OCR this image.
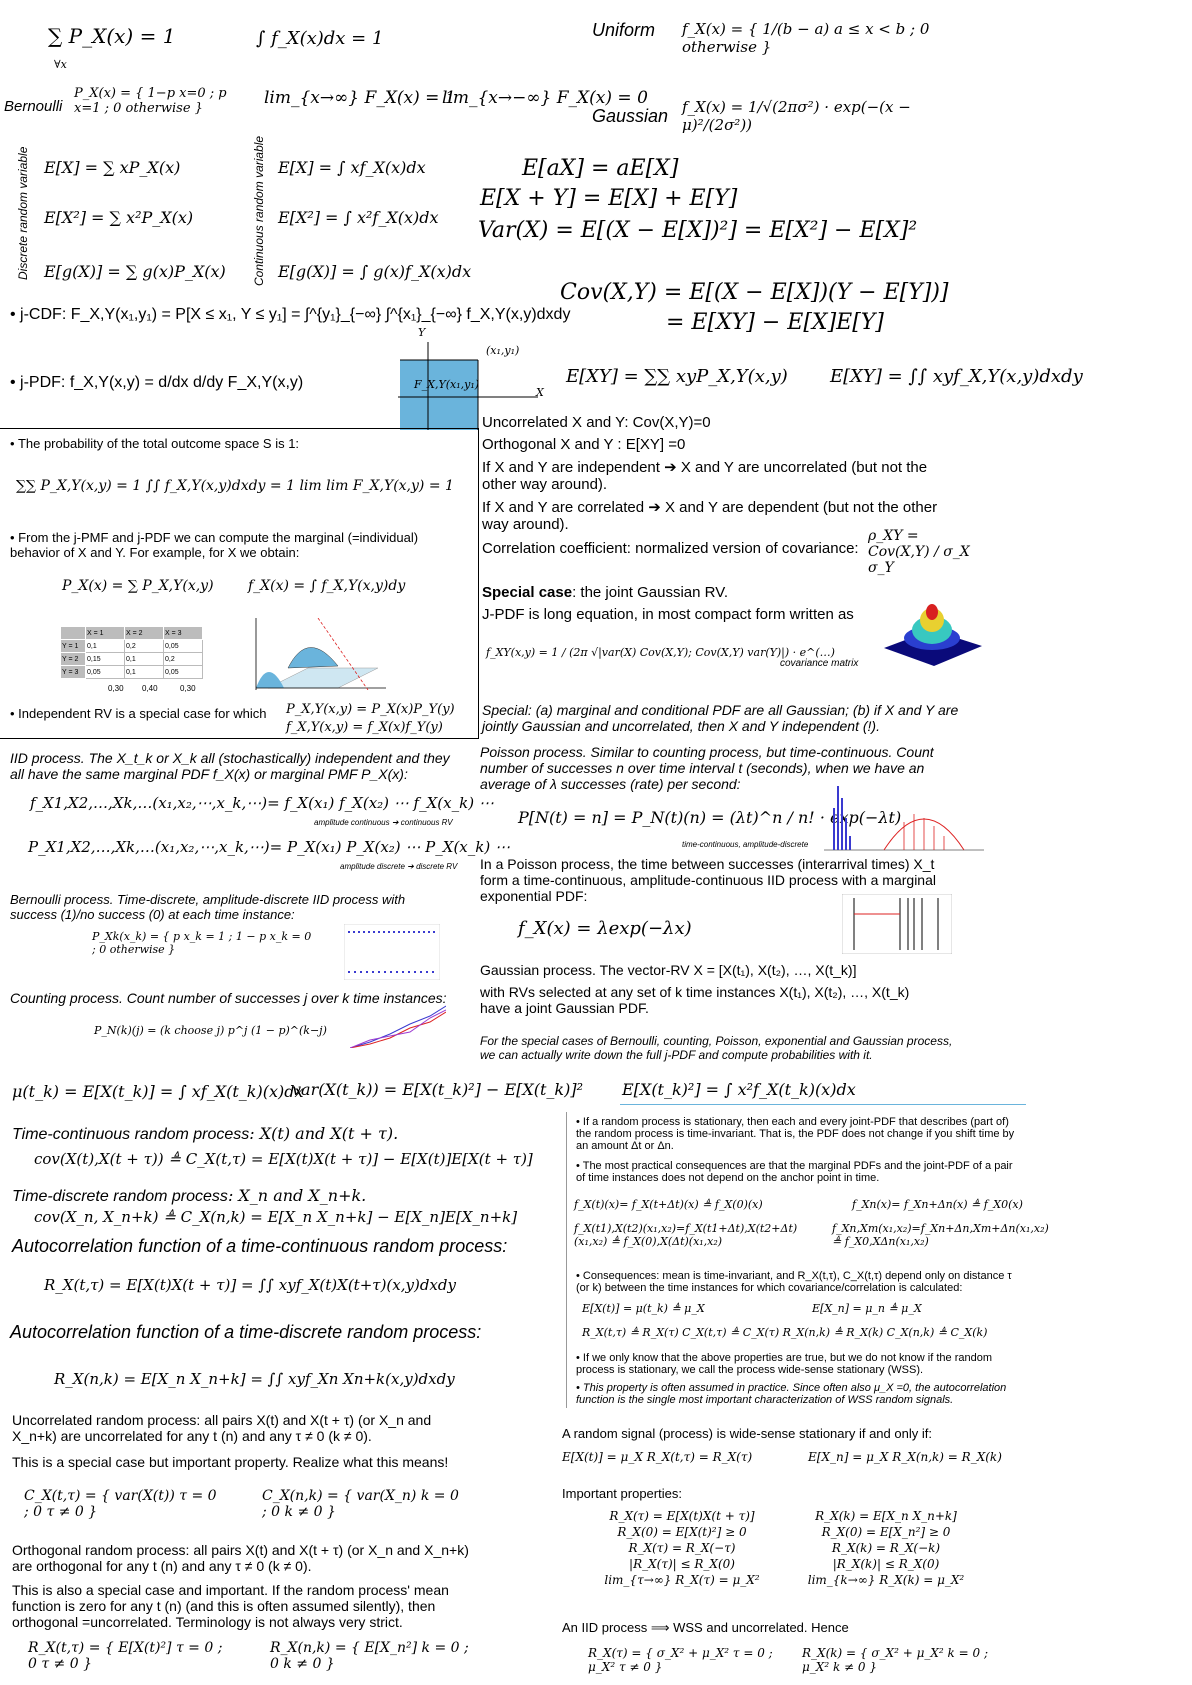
∑ P_X(x) = 1
∀x
∫ f_X(x)dx = 1	Uniform f_X(x) = { 1/(b − a) a ≤ x < b ; 0 otherwise }
Bernoulli
P_X(x) = { 1−p x=0 ; p x=1 ; 0 otherwise }
lim_{x→∞} F_X(x) = 1
lim_{x→−∞} F_X(x) = 0
Gaussian f_X(x) = 1/√(2πσ²) · exp(−(x − μ)²/(2σ²))
Discrete random variable	Continuous random variable
E[X] = ∑ xP_X(x)
E[X²] = ∑ x²P_X(x)
E[g(X)] = ∑ g(x)P_X(x)
E[X] = ∫ xf_X(x)dx
E[X²] = ∫ x²f_X(x)dx
E[g(X)] = ∫ g(x)f_X(x)dx
E[aX] = aE[X]
E[X + Y] = E[X] + E[Y]
Var(X) = E[(X − E[X])²] = E[X²] − E[X]²
• j-CDF: F_X,Y(x₁,y₁) = P[X ≤ x₁, Y ≤ y₁] = ∫^{y₁}_{−∞} ∫^{x₁}_{−∞} f_X,Y(x,y)dxdy
• j-PDF: f_X,Y(x,y) = d/dx d/dy F_X,Y(x,y)	F_X,Y(x₁,y₁)
(x₁,y₁)
X
Y
• The probability of the total outcome space S is 1:
∑∑ P_X,Y(x,y) = 1 ∫∫ f_X,Y(x,y)dxdy = 1 lim lim F_X,Y(x,y) = 1
• From the j-PMF and j-PDF we can compute the marginal (=individual) behavior of X and Y. For example, for X we obtain:
P_X(x) = ∑ P_X,Y(x,y) f_X(x) = ∫ f_X,Y(x,y)dy
	X = 1	X = 2	X = 3
Y = 1	0,1	0,2	0,05
Y = 2	0,15	0,1	0,2
Y = 3	0,05	0,1	0,05
0,30 0,40	0,30
• Independent RV is a special case for which P_X,Y(x,y) = P_X(x)P_Y(y)
f_X,Y(x,y) = f_X(x)f_Y(y)
Cov(X,Y) = E[(X − E[X])(Y − E[Y])]
= E[XY] − E[X]E[Y]
E[XY] = ∑∑ xyP_X,Y(x,y) E[XY] = ∫∫ xyf_X,Y(x,y)dxdy
Uncorrelated X and Y: Cov(X,Y)=0
Orthogonal X and Y : E[XY] =0
If X and Y are independent ➔ X and Y are uncorrelated (but not the other way around).
If X and Y are correlated ➔ X and Y are dependent (but not the other way around).
Correlation coefficient: normalized version of covariance:
ρ_XY = Cov(X,Y) / σ_X σ_Y
Special case: the joint Gaussian RV.
J-PDF is long equation, in most compact form written as
f_XY(x,y) = 1 / (2π √|var(X) Cov(X,Y); Cov(X,Y) var(Y)|) · e^(…)
covariance matrix
Special: (a) marginal and conditional PDF are all Gaussian; (b) if X and Y are jointly Gaussian and uncorrelated, then X and Y independent (!).
IID process. The X_t_k or X_k all (stochastically) independent and they all have the same marginal PDF f_X(x) or marginal PMF P_X(x):
f_X1,X2,…,Xk,…(x₁,x₂,⋯,x_k,⋯)= f_X(x₁) f_X(x₂) ⋯ f_X(x_k) ⋯
amplitude continuous ➔ continuous RV
P_X1,X2,…,Xk,…(x₁,x₂,⋯,x_k,⋯)= P_X(x₁) P_X(x₂) ⋯ P_X(x_k) ⋯
amplitude discrete ➔ discrete RV
Bernoulli process. Time-discrete, amplitude-discrete IID process with success (1)/no success (0) at each time instance:
P_Xk(x_k) = { p x_k = 1 ; 1 − p x_k = 0 ; 0 otherwise }
Counting process. Count number of successes j over k time instances:
P_N(k)(j) = (k choose j) p^j (1 − p)^(k−j)
Poisson process. Similar to counting process, but time-continuous. Count number of successes n over time interval t (seconds), when we have an average of λ successes (rate) per second:
P[N(t) = n] = P_N(t)(n) = (λt)^n / n! · exp(−λt)
time-continuous, amplitude-discrete
In a Poisson process, the time between successes (interarrival times) X_t form a time-continuous, amplitude-continuous IID process with a marginal exponential PDF:
f_X(x) = λexp(−λx)
Gaussian process. The vector-RV X = [X(t₁), X(t₂), …, X(t_k)]
with RVs selected at any set of k time instances X(t₁), X(t₂), …, X(t_k) have a joint Gaussian PDF.
For the special cases of Bernoulli, counting, Poisson, exponential and Gaussian process, we can actually write down the full j-PDF and compute probabilities with it.
μ(t_k) = E[X(t_k)] = ∫ xf_X(t_k)(x)dx
var(X(t_k)) = E[X(t_k)²] − E[X(t_k)]² E[X(t_k)²] = ∫ x²f_X(t_k)(x)dx
Time-continuous random process: X(t) and X(t + τ).
cov(X(t),X(t + τ)) ≜ C_X(t,τ) = E[X(t)X(t + τ)] − E[X(t)]E[X(t + τ)]
Time-discrete random process: X_n and X_n+k.
cov(X_n, X_n+k) ≜ C_X(n,k) = E[X_n X_n+k] − E[X_n]E[X_n+k]
Autocorrelation function of a time-continuous random process:
R_X(t,τ) = E[X(t)X(t + τ)] = ∫∫ xyf_X(t)X(t+τ)(x,y)dxdy
Autocorrelation function of a time-discrete random process:
R_X(n,k) = E[X_n X_n+k] = ∫∫ xyf_Xn Xn+k(x,y)dxdy
Uncorrelated random process: all pairs X(t) and X(t + τ) (or X_n and X_n+k) are uncorrelated for any t (n) and any τ ≠ 0 (k ≠ 0).
This is a special case but important property. Realize what this means!
C_X(t,τ) = { var(X(t)) τ = 0 ; 0 τ ≠ 0 }
C_X(n,k) = { var(X_n) k = 0 ; 0 k ≠ 0 }
Orthogonal random process: all pairs X(t) and X(t + τ) (or X_n and X_n+k) are orthogonal for any t (n) and any τ ≠ 0 (k ≠ 0).
This is also a special case and important. If the random process' mean function is zero for any t (n) (and this is often assumed silently), then orthogonal =uncorrelated. Terminology is not always very strict.
R_X(t,τ) = { E[X(t)²] τ = 0 ; 0 τ ≠ 0 }
R_X(n,k) = { E[X_n²] k = 0 ; 0 k ≠ 0 }
• If a random process is stationary, then each and every joint-PDF that describes (part of) the random process is time-invariant. That is, the PDF does not change if you shift time by an amount Δt or Δn.
• The most practical consequences are that the marginal PDFs and the joint-PDF of a pair of time instances does not depend on the anchor point in time.
f_X(t)(x)= f_X(t+Δt)(x) ≜ f_X(0)(x)	f_Xn(x)= f_Xn+Δn(x) ≜ f_X0(x)
f_X(t1),X(t2)(x₁,x₂)=f_X(t1+Δt),X(t2+Δt)(x₁,x₂) ≜ f_X(0),X(Δt)(x₁,x₂)
f_Xn,Xm(x₁,x₂)=f_Xn+Δn,Xm+Δn(x₁,x₂) ≜ f_X0,XΔn(x₁,x₂)
• Consequences: mean is time-invariant, and R_X(t,τ), C_X(t,τ) depend only on distance τ (or k) between the time instances for which covariance/correlation is calculated:
E[X(t)] = μ(t_k) ≜ μ_X	E[X_n] = μ_n ≜ μ_X
R_X(t,τ) ≜ R_X(τ) C_X(t,τ) ≜ C_X(τ) R_X(n,k) ≜ R_X(k) C_X(n,k) ≜ C_X(k)
• If we only know that the above properties are true, but we do not know if the random process is stationary, we call the process wide-sense stationary (WSS).
• This property is often assumed in practice. Since often also μ_X =0, the autocorrelation function is the single most important characterization of WSS random signals.
A random signal (process) is wide-sense stationary if and only if:
E[X(t)] = μ_X R_X(t,τ) = R_X(τ)	E[X_n] = μ_X R_X(n,k) = R_X(k)
Important properties:
R_X(τ) = E[X(t)X(t + τ)]
R_X(0) = E[X(t)²] ≥ 0
R_X(τ) = R_X(−τ)
|R_X(τ)| ≤ R_X(0)
lim_{τ→∞} R_X(τ) = μ_X²
R_X(k) = E[X_n X_n+k]
R_X(0) = E[X_n²] ≥ 0
R_X(k) = R_X(−k)
|R_X(k)| ≤ R_X(0)
lim_{k→∞} R_X(k) = μ_X²
An IID process ⟹ WSS and uncorrelated. Hence
R_X(τ) = { σ_X² + μ_X² τ = 0 ; μ_X² τ ≠ 0 }
R_X(k) = { σ_X² + μ_X² k = 0 ; μ_X² k ≠ 0 }
